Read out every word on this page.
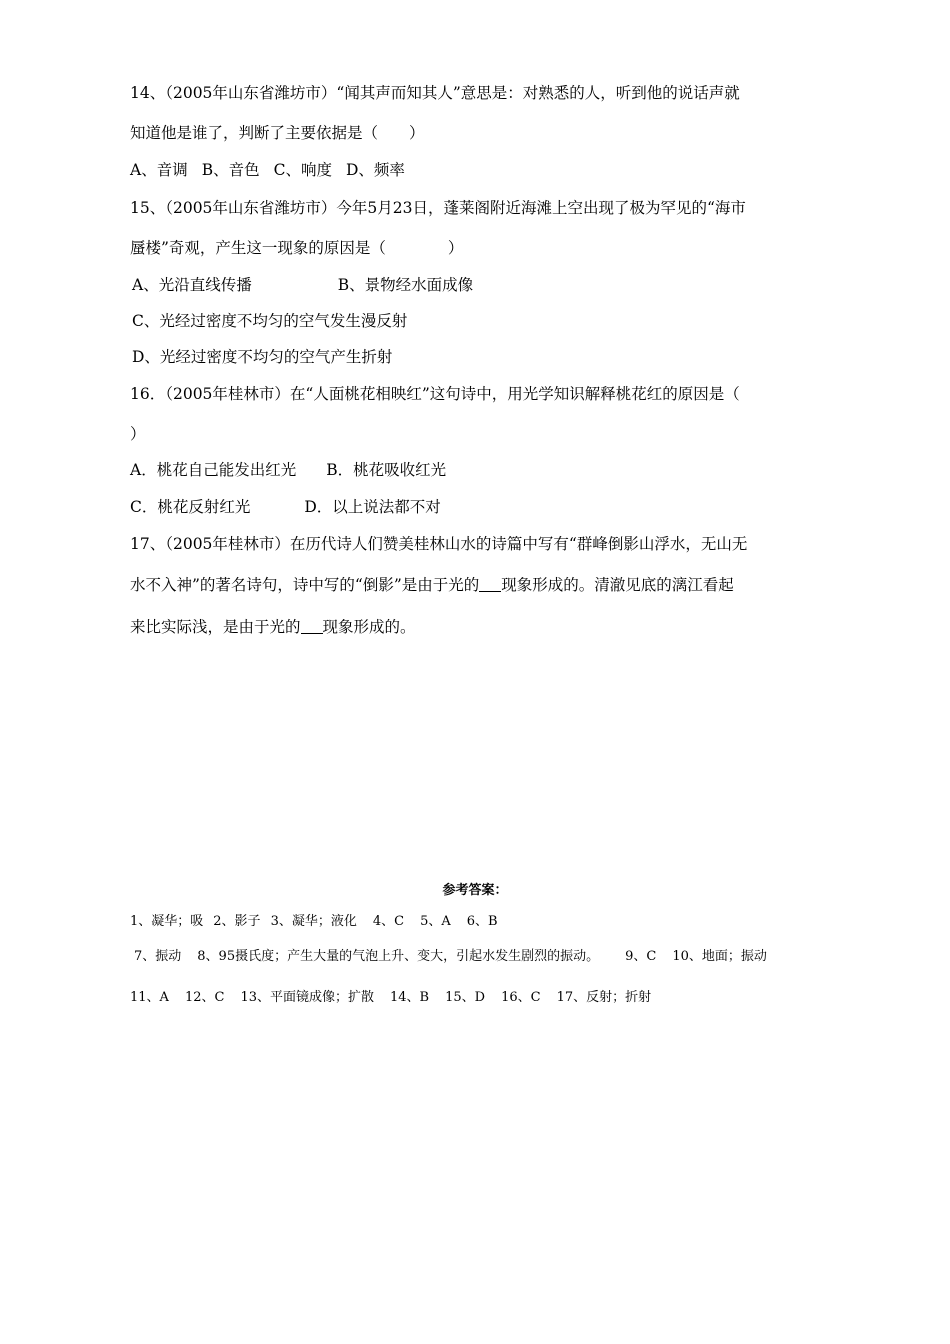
14、（2005年山东省潍坊市）“闻其声而知其人”意思是：对熟悉的人，听到他的说话声就
知道他是谁了，判断了主要依据是（　　）
A、音调 B、音色 C、响度 D、频率
15、（2005年山东省潍坊市）今年5月23日，蓬莱阁附近海滩上空出现了极为罕见的“海市
蜃楼”奇观，产生这一现象的原因是（　　　　）
A、光沿直线传播	B、景物经水面成像
C、光经过密度不均匀的空气发生漫反射
D、光经过密度不均匀的空气产生折射
16．（2005年桂林市）在“人面桃花相映红”这句诗中，用光学知识解释桃花红的原因是（
）
A．桃花自己能发出红光 B．桃花吸收红光
C．桃花反射红光	D．以上说法都不对
17、（2005年桂林市）在历代诗人们赞美桂林山水的诗篇中写有“群峰倒影山浮水，无山无
水不入神”的著名诗句，诗中写的“倒影”是由于光的 现象形成的。清澈见底的漓江看起
来比实际浅，是由于光的 现象形成的。
参考答案：
1、凝华；吸 2、影子 3、凝华；液化 4、C 5、A 6、B
7、振动 8、95摄氏度；产生大量的气泡上升、变大，引起水发生剧烈的振动。 9、C 10、地面；振动
11、A 12、C 13、平面镜成像；扩散 14、B 15、D 16、C 17、反射；折射
